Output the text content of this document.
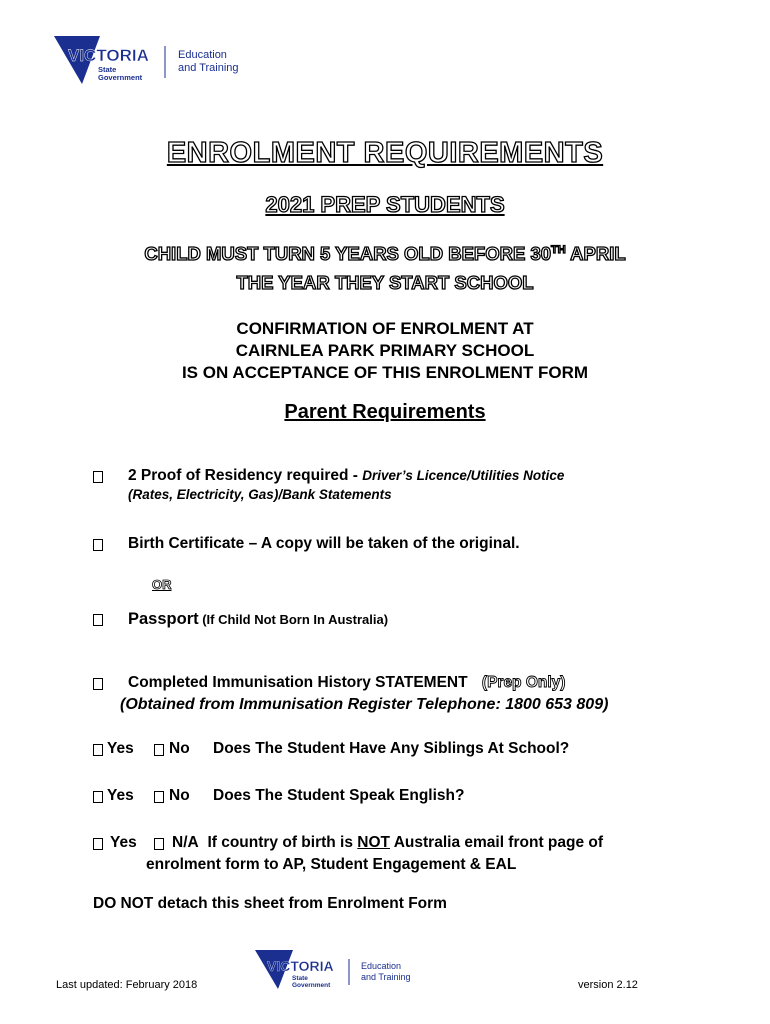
VICTORIA
State
Government
Education
and Training
ENROLMENT REQUIREMENTS
2021 PREP STUDENTS
CHILD MUST TURN 5 YEARS OLD BEFORE 30TH APRIL
THE YEAR THEY START SCHOOL
CONFIRMATION OF ENROLMENT AT
CAIRNLEA PARK PRIMARY SCHOOL
IS ON ACCEPTANCE OF THIS ENROLMENT FORM
Parent Requirements
2 Proof of Residency required - Driver’s Licence/Utilities Notice
(Rates, Electricity, Gas)/Bank Statements
Birth Certificate – A copy will be taken of the original.
OR
Passport (If Child Not Born In Australia)
Completed Immunisation History STATEMENT (Prep Only)
(Obtained from Immunisation Register Telephone: 1800 653 809)
Yes No Does The Student Have Any Siblings At School?
Yes No Does The Student Speak English?
Yes N/A If country of birth is NOT Australia email front page of
enrolment form to AP, Student Engagement & EAL
DO NOT detach this sheet from Enrolment Form
Last updated: February 2018
VICTORIA
State
Government
Education
and Training
version 2.12
